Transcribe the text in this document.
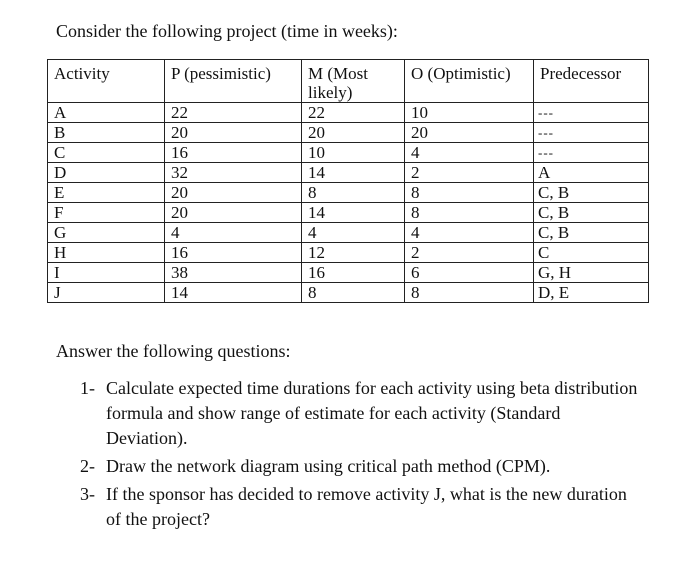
Consider the following project (time in weeks):
Activity	P (pessimistic)	M (Most likely)	O (Optimistic)	Predecessor
A	22	22	10	---
B	20	20	20	---
C	16	10	4	---
D	32	14	2	A
E	20	8	8	C, B
F	20	14	8	C, B
G	4	4	4	C, B
H	16	12	2	C
I	38	16	6	G, H
J	14	8	8	D, E
Answer the following questions:
1- Calculate expected time durations for each activity using beta distribution formula and show range of estimate for each activity (Standard Deviation).
2- Draw the network diagram using critical path method (CPM).
3- If the sponsor has decided to remove activity J, what is the new duration of the project?
